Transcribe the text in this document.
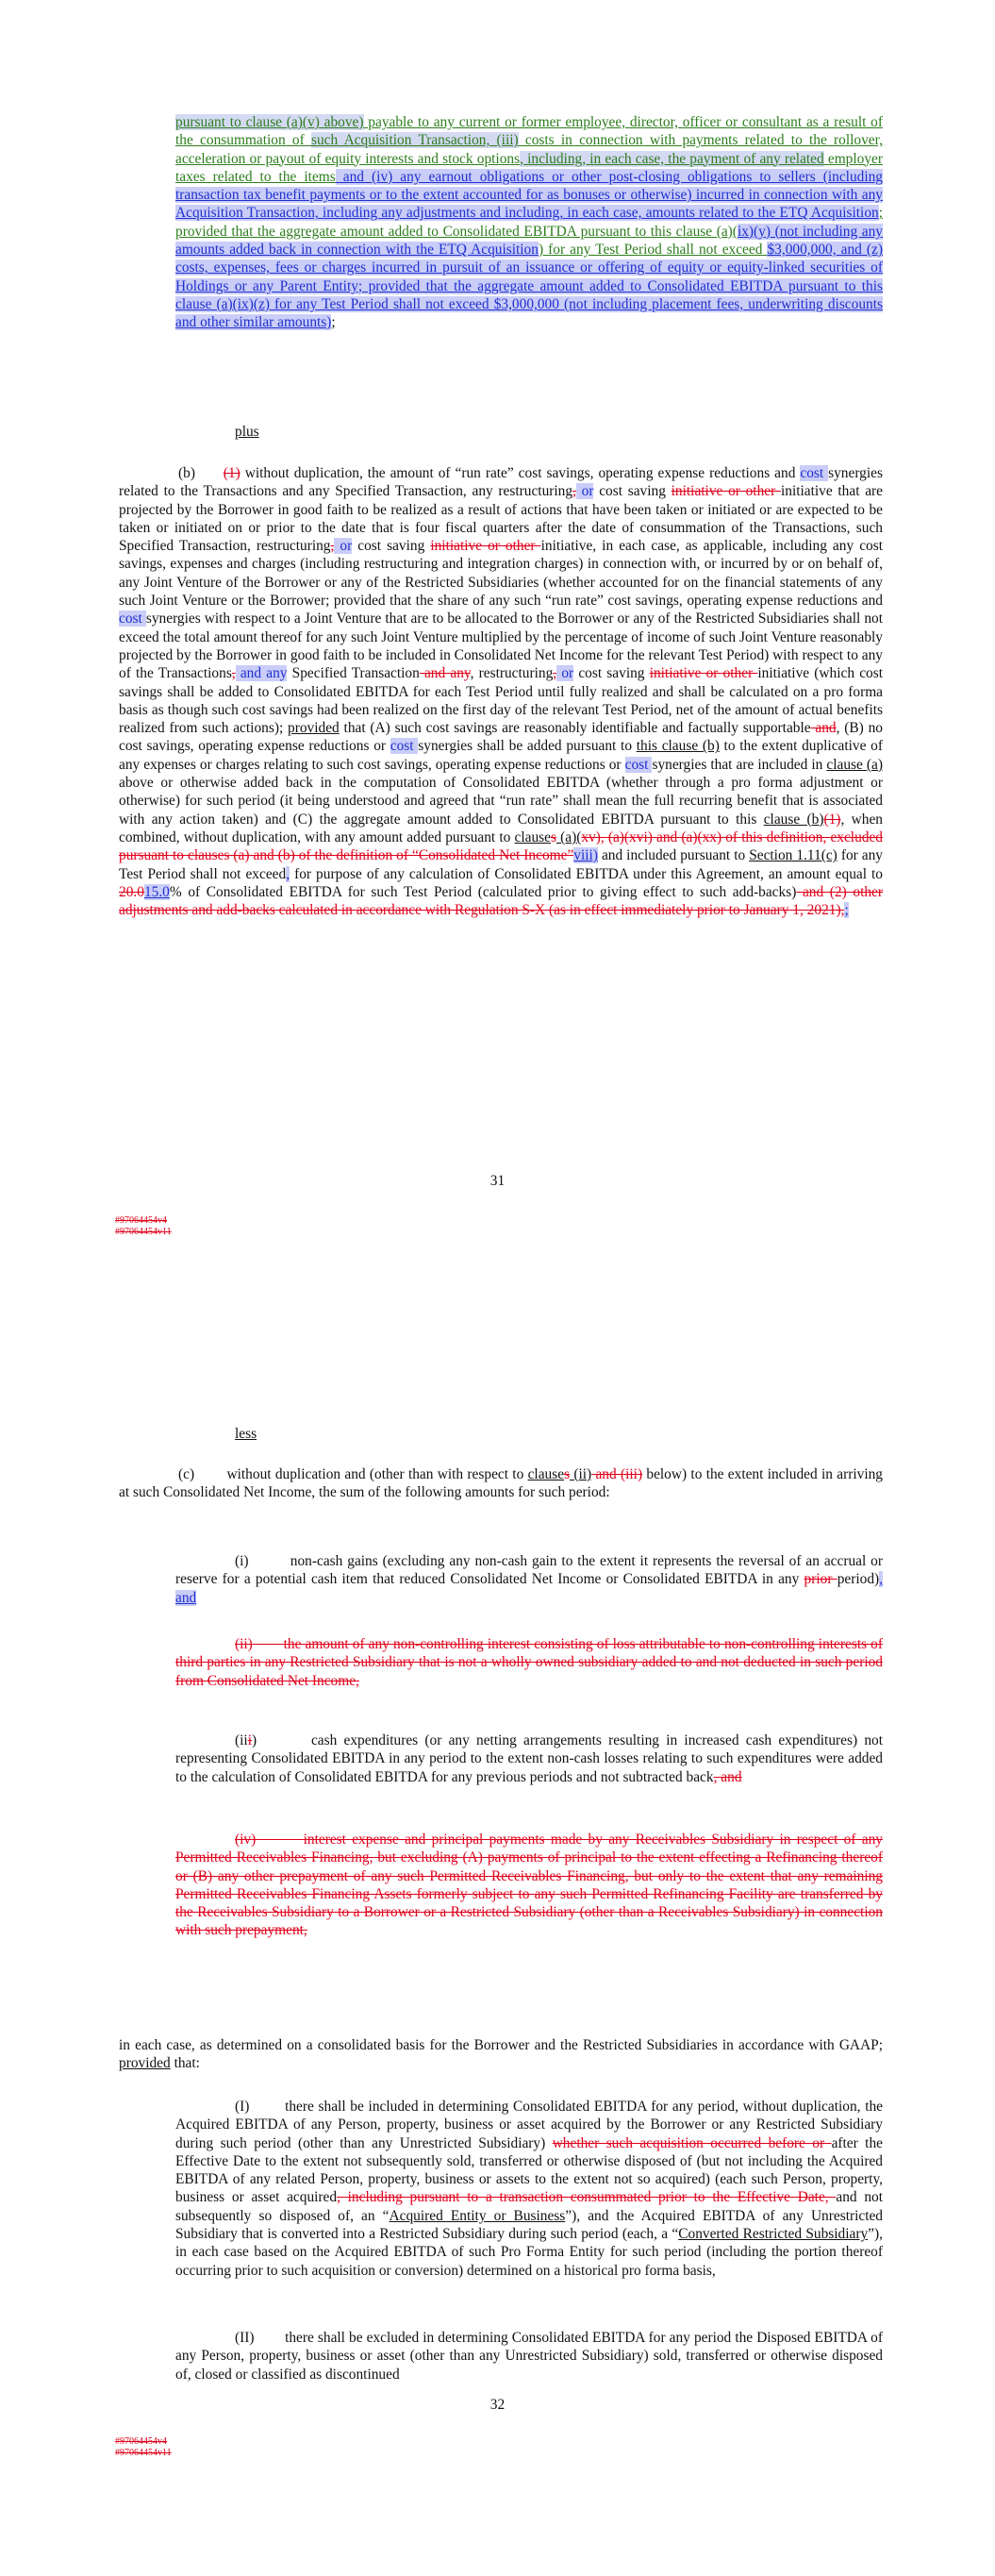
pursuant to clause (a)(v) above) payable to any current or former employee, director, officer or consultant as a result of the consummation of such Acquisition Transaction, (iii) costs in connection with payments related to the rollover, acceleration or payout of equity interests and stock options, including, in each case, the payment of any related employer taxes related to the items and (iv) any earnout obligations or other post-closing obligations to sellers (including transaction tax benefit payments or to the extent accounted for as bonuses or otherwise) incurred in connection with any Acquisition Transaction, including any adjustments and including, in each case, amounts related to the ETQ Acquisition; provided that the aggregate amount added to Consolidated EBITDA pursuant to this clause (a)(ix)(y) (not including any amounts added back in connection with the ETQ Acquisition) for any Test Period shall not exceed $3,000,000, and (z) costs, expenses, fees or charges incurred in pursuit of an issuance or offering of equity or equity-linked securities of Holdings or any Parent Entity; provided that the aggregate amount added to Consolidated EBITDA pursuant to this clause (a)(ix)(z) for any Test Period shall not exceed $3,000,000 (not including placement fees, underwriting discounts and other similar amounts);

plus

(b) (1) without duplication, the amount of “run rate” cost savings, operating expense reductions and cost synergies related to the Transactions and any Specified Transaction, any restructuring, or cost saving initiative or other initiative that are projected by the Borrower in good faith to be realized as a result of actions that have been taken or initiated or are expected to be taken or initiated on or prior to the date that is four fiscal quarters after the date of consummation of the Transactions, such Specified Transaction, restructuring, or cost saving initiative or other initiative, in each case, as applicable, including any cost savings, expenses and charges (including restructuring and integration charges) in connection with, or incurred by or on behalf of, any Joint Venture of the Borrower or any of the Restricted Subsidiaries (whether accounted for on the financial statements of any such Joint Venture or the Borrower; provided that the share of any such “run rate” cost savings, operating expense reductions and cost synergies with respect to a Joint Venture that are to be allocated to the Borrower or any of the Restricted Subsidiaries shall not exceed the total amount thereof for any such Joint Venture multiplied by the percentage of income of such Joint Venture reasonably projected by the Borrower in good faith to be included in Consolidated Net Income for the relevant Test Period) with respect to any of the Transactions, and any Specified Transaction and any, restructuring, or cost saving initiative or other initiative (which cost savings shall be added to Consolidated EBITDA for each Test Period until fully realized and shall be calculated on a pro forma basis as though such cost savings had been realized on the first day of the relevant Test Period, net of the amount of actual benefits realized from such actions); provided that (A) such cost savings are reasonably identifiable and factually supportable and, (B) no cost savings, operating expense reductions or cost synergies shall be added pursuant to this clause (b) to the extent duplicative of any expenses or charges relating to such cost savings, operating expense reductions or cost synergies that are included in clause (a) above or otherwise added back in the computation of Consolidated EBITDA (whether through a pro forma adjustment or otherwise) for such period (it being understood and agreed that “run rate” shall mean the full recurring benefit that is associated with any action taken) and (C) the aggregate amount added to Consolidated EBITDA pursuant to this clause (b)(1), when combined, without duplication, with any amount added pursuant to clauses (a)(xv), (a)(xvi) and (a)(xx) of this definition, excluded pursuant to clauses (a) and (b) of the definition of “Consolidated Net Income”viii) and included pursuant to Section 1.11(c) for any Test Period shall not exceed, for purpose of any calculation of Consolidated EBITDA under this Agreement, an amount equal to 20.015.0% of Consolidated EBITDA for such Test Period (calculated prior to giving effect to such add-backs) and (2) other adjustments and add-backs calculated in accordance with Regulation S-X (as in effect immediately prior to January 1, 2021),;

31
#97064454v4
#97064454v11

less

(c) without duplication and (other than with respect to clauses (ii) and (iii) below) to the extent included in arriving at such Consolidated Net Income, the sum of the following amounts for such period:

(i)	non-cash gains (excluding any non-cash gain to the extent it represents the reversal of an accrual or reserve for a potential cash item that reduced Consolidated Net Income or Consolidated EBITDA in any prior period), and

(ii) the amount of any non-controlling interest consisting of loss attributable to non-controlling interests of third parties in any Restricted Subsidiary that is not a wholly owned subsidiary added to and not deducted in such period from Consolidated Net Income,

(iii)	cash expenditures (or any netting arrangements resulting in increased cash expenditures) not representing Consolidated EBITDA in any period to the extent non-cash losses relating to such expenditures were added to the calculation of Consolidated EBITDA for any previous periods and not subtracted back, and

(iv)	interest expense and principal payments made by any Receivables Subsidiary in respect of any Permitted Receivables Financing, but excluding (A) payments of principal to the extent effecting a Refinancing thereof or (B) any other prepayment of any such Permitted Receivables Financing, but only to the extent that any remaining Permitted Receivables Financing Assets formerly subject to any such Permitted Refinancing Facility are transferred by the Receivables Subsidiary to a Borrower or a Restricted Subsidiary (other than a Receivables Subsidiary) in connection with such prepayment,

in each case, as determined on a consolidated basis for the Borrower and the Restricted Subsidiaries in accordance with GAAP; provided that:

(I) there shall be included in determining Consolidated EBITDA for any period, without duplication, the Acquired EBITDA of any Person, property, business or asset acquired by the Borrower or any Restricted Subsidiary during such period (other than any Unrestricted Subsidiary) whether such acquisition occurred before or after the Effective Date to the extent not subsequently sold, transferred or otherwise disposed of (but not including the Acquired EBITDA of any related Person, property, business or assets to the extent not so acquired) (each such Person, property, business or asset acquired, including pursuant to a transaction consummated prior to the Effective Date, and not subsequently so disposed of, an “Acquired Entity or Business”), and the Acquired EBITDA of any Unrestricted Subsidiary that is converted into a Restricted Subsidiary during such period (each, a “Converted Restricted Subsidiary”), in each case based on the Acquired EBITDA of such Pro Forma Entity for such period (including the portion thereof occurring prior to such acquisition or conversion) determined on a historical pro forma basis,

(II) there shall be excluded in determining Consolidated EBITDA for any period the Disposed EBITDA of any Person, property, business or asset (other than any Unrestricted Subsidiary) sold, transferred or otherwise disposed of, closed or classified as discontinued

32
#97064454v4
#97064454v11
